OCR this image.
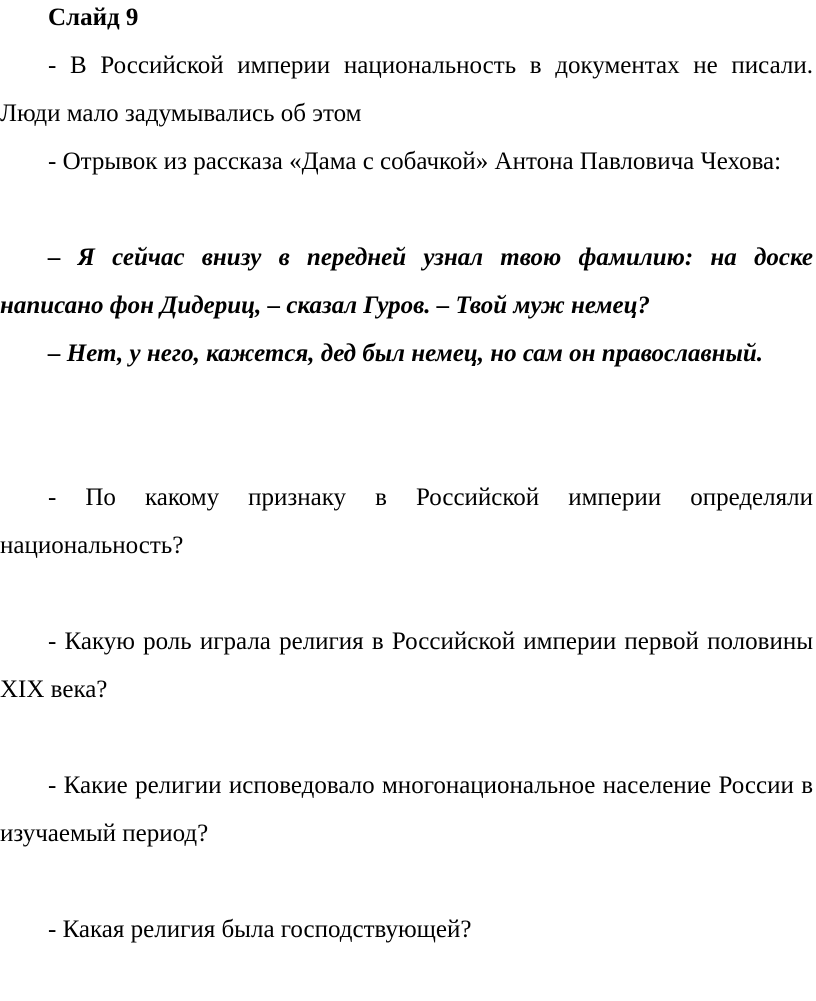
Слайд 9

- В Российской империи национальность в документах не писали. Люди мало задумывались об этом

- Отрывок из рассказа «Дама с собачкой» Антона Павловича Чехова:

– Я сейчас внизу в передней узнал твою фамилию: на доске написано фон Дидериц, – сказал Гуров. – Твой муж немец?

– Нет, у него, кажется, дед был немец, но сам он православный.

- По какому признаку в Российской империи определяли национальность?

- Какую роль играла религия в Российской империи первой половины XIX века?

- Какие религии исповедовало многонациональное население России в изучаемый период?

- Какая религия была господствующей?
